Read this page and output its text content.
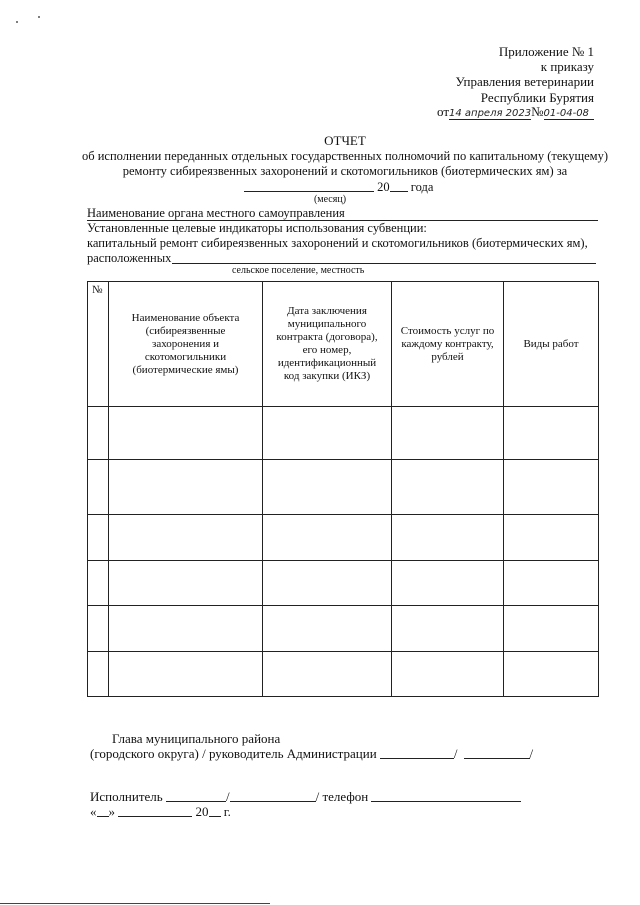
Приложение № 1
к приказу
Управления ветеринарии
Республики Бурятия
от14 апреля 2023№01-04-08
ОТЧЕТ
об исполнении переданных отдельных государственных полномочий по капитальному (текущему)
ремонту сибиреязвенных захоронений и скотомогильников (биотермических ям) за
20 года
(месяц)
Наименование органа местного самоуправления
Установленные целевые индикаторы использования субвенции:
капитальный ремонт сибиреязвенных захоронений и скотомогильников (биотермических ям),
расположенных
сельское поселение, местность
№	Наименование объекта (сибиреязвенные захоронения и скотомогильники (биотермические ямы)	Дата заключения муниципального контракта (договора), его номер, идентификационный код закупки (ИКЗ)	Стоимость услуг по каждому контракту, рублей	Виды работ

Глава муниципального района
(городского округа) / руководитель Администрации	/	/
Исполнитель	/	/ телефон
« »	20 г.
